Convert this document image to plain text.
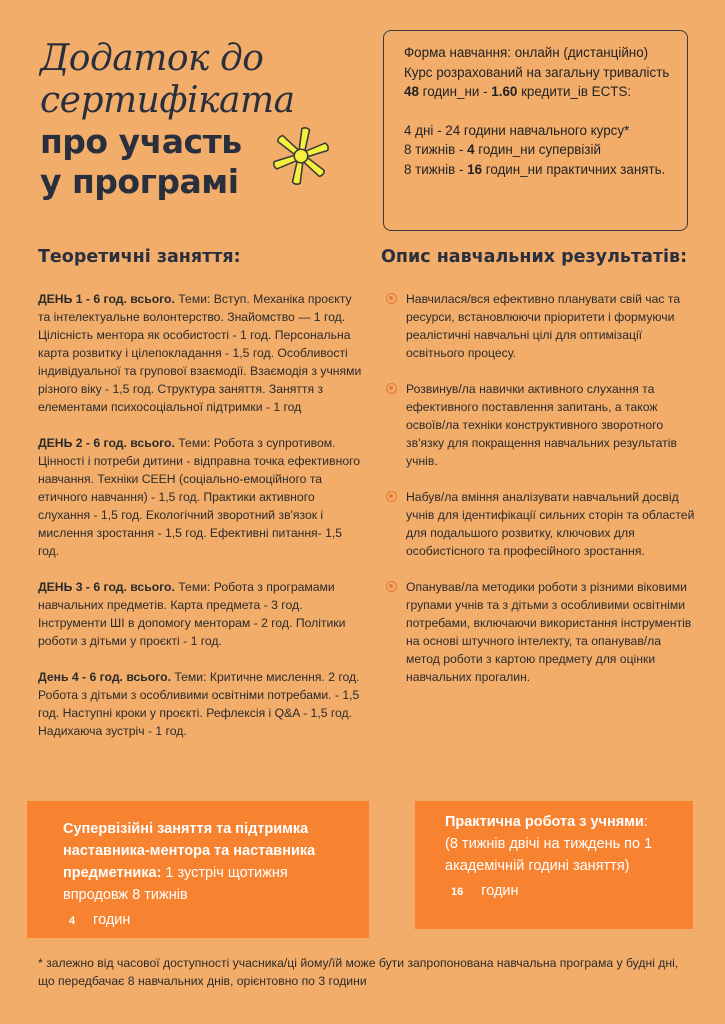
Додаток до
сертифіката
про участь
у програмі

Форма навчання: онлайн (дистанційно) Курс розрахований на загальну тривалість 48 годин_ни - 1.60 кредити_ів ECTS:

4 дні - 24 години навчального курсу*

8 тижнів - 4 годин_ни супервізій

8 тижнів - 16 годин_ни практичних занять.

Теоретичні заняття:	Опис навчальних результатів:
ДЕНЬ 1 - 6 год. всього. Теми: Вступ. Механіка проєкту та інтелектуальне волонтерство. Знайомство — 1 год. Цілісність ментора як особистості - 1 год. Персональна карта розвитку і цілепокладання - 1,5 год. Особливості індивідуальної та групової взаємодії. Взаємодія з учнями різного віку - 1,5 год. Структура заняття. Заняття з елементами психосоціальної підтримки - 1 год
ДЕНЬ 2 - 6 год. всього. Теми: Робота з супротивом. Цінності і потреби дитини - відправна точка ефективного навчання. Техніки СЕЕН (соціально-емоційного та етичного навчання) - 1,5 год. Практики активного слухання - 1,5 год. Екологічний зворотний зв'язок і мислення зростання - 1,5 год. Ефективні питання- 1,5 год.
ДЕНЬ 3 - 6 год. всього. Теми: Робота з програмами навчальних предметів. Карта предмета - 3 год. Інструменти ШІ в допомогу менторам - 2 год. Політики роботи з дітьми у проєкті - 1 год.
День 4 - 6 год. всього. Теми: Критичне мислення. 2 год. Робота з дітьми з особливими освітніми потребами. - 1,5 год. Наступні кроки у проєкті. Рефлексія і Q&A - 1,5 год. Надихаюча зустріч - 1 год.
Навчилася/вся ефективно планувати свій час та ресурси, встановлюючи пріоритети і формуючи реалістичні навчальні цілі для оптимізації освітнього процесу.
Розвинув/ла навички активного слухання та ефективного поставлення запитань, а також освоїв/ла техніки конструктивного зворотного зв'язку для покращення навчальних результатів учнів.
Набув/ла вміння аналізувати навчальний досвід учнів для ідентифікації сильних сторін та областей для подальшого розвитку, ключових для особистісного та професійного зростання.
Опанував/ла методики роботи з різними віковими групами учнів та з дітьми з особливими освітніми потребами, включаючи використання інструментів на основі штучного інтелекту, та опанував/ла метод роботи з картою предмету для оцінки навчальних прогалин.
Супервізійні заняття та підтримка наставника-ментора та наставника предметника: 1 зустріч щотижня впродовж 8 тижнів
4 годин
Практична робота з учнями:
(8 тижнів двічі на тиждень по 1 академічній годині заняття)
16 годин
* залежно від часової доступності учасника/ці йому/їй може бути запропонована навчальна програма у будні дні, що передбачає 8 навчальних днів, орієнтовно по 3 години
